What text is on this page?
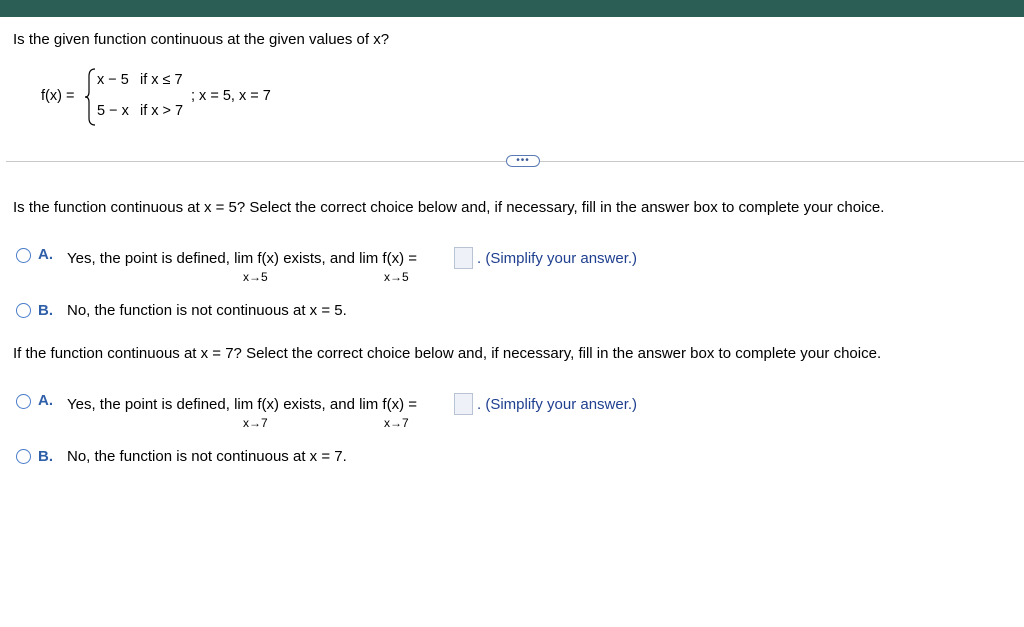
Is the given function continuous at the given values of x?
f(x) =
x − 5 if x ≤ 7
5 − x if x > 7
; x = 5, x = 7
•••
Is the function continuous at x = 5? Select the correct choice below and, if necessary, fill in the answer box to complete your choice.
A. Yes, the point is defined, lim f(x) exists, and lim f(x) =
x→5	x→5
. (Simplify your answer.)
B. No, the function is not continuous at x = 5.
If the function continuous at x = 7? Select the correct choice below and, if necessary, fill in the answer box to complete your choice.
A. Yes, the point is defined, lim f(x) exists, and lim f(x) =
x→7	x→7
. (Simplify your answer.)
B. No, the function is not continuous at x = 7.
